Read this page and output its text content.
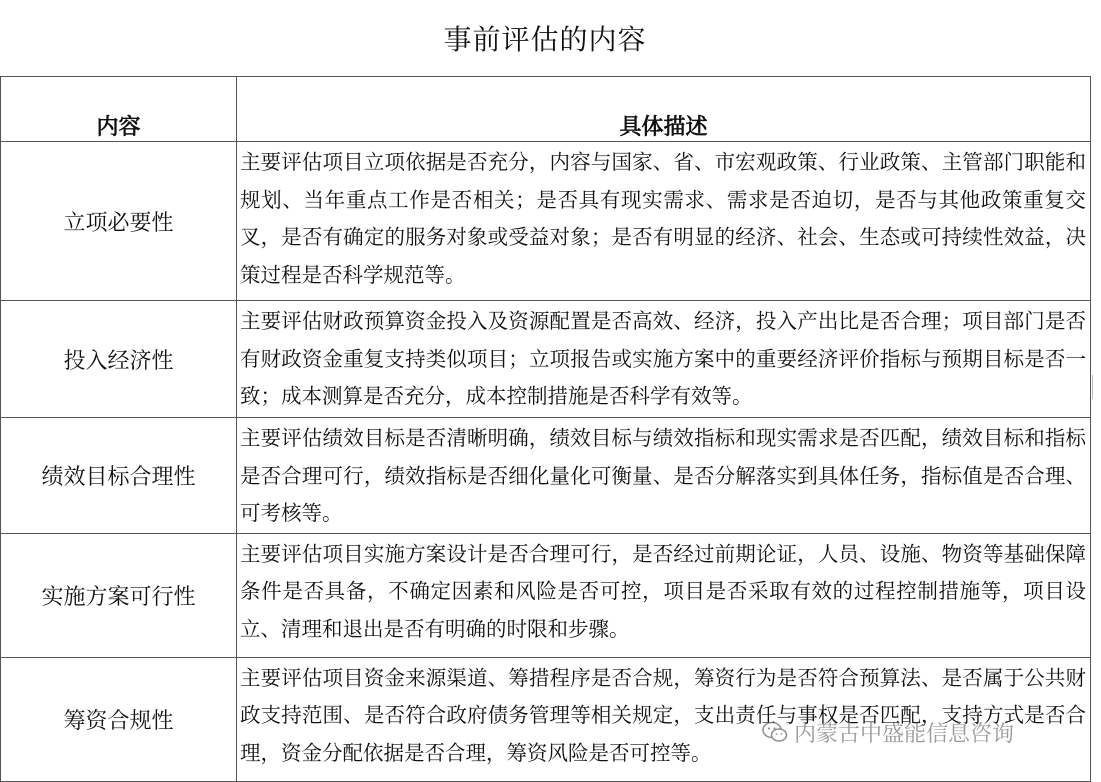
事前评估的内容
内容	具体描述
立项必要性	主要评估项目立项依据是否充分，内容与国家、省、市宏观政策、行业政策、主管部门职能和规划、当年重点工作是否相关；是否具有现实需求、需求是否迫切，是否与其他政策重复交叉，是否有确定的服务对象或受益对象；是否有明显的经济、社会、生态或可持续性效益，决策过程是否科学规范等。
投入经济性	主要评估财政预算资金投入及资源配置是否高效、经济，投入产出比是否合理；项目部门是否有财政资金重复支持类似项目；立项报告或实施方案中的重要经济评价指标与预期目标是否一致；成本测算是否充分，成本控制措施是否科学有效等。
绩效目标合理性	主要评估绩效目标是否清晰明确，绩效目标与绩效指标和现实需求是否匹配，绩效目标和指标是否合理可行，绩效指标是否细化量化可衡量、是否分解落实到具体任务，指标值是否合理、可考核等。
实施方案可行性	主要评估项目实施方案设计是否合理可行，是否经过前期论证，人员、设施、物资等基础保障条件是否具备，不确定因素和风险是否可控，项目是否采取有效的过程控制措施等，项目设立、清理和退出是否有明确的时限和步骤。
筹资合规性	主要评估项目资金来源渠道、筹措程序是否合规，筹资行为是否符合预算法、是否属于公共财政支持范围、是否符合政府债务管理等相关规定，支出责任与事权是否匹配，支持方式是否合理，资金分配依据是否合理，筹资风险是否可控等。
内蒙古中盛能信息咨询
